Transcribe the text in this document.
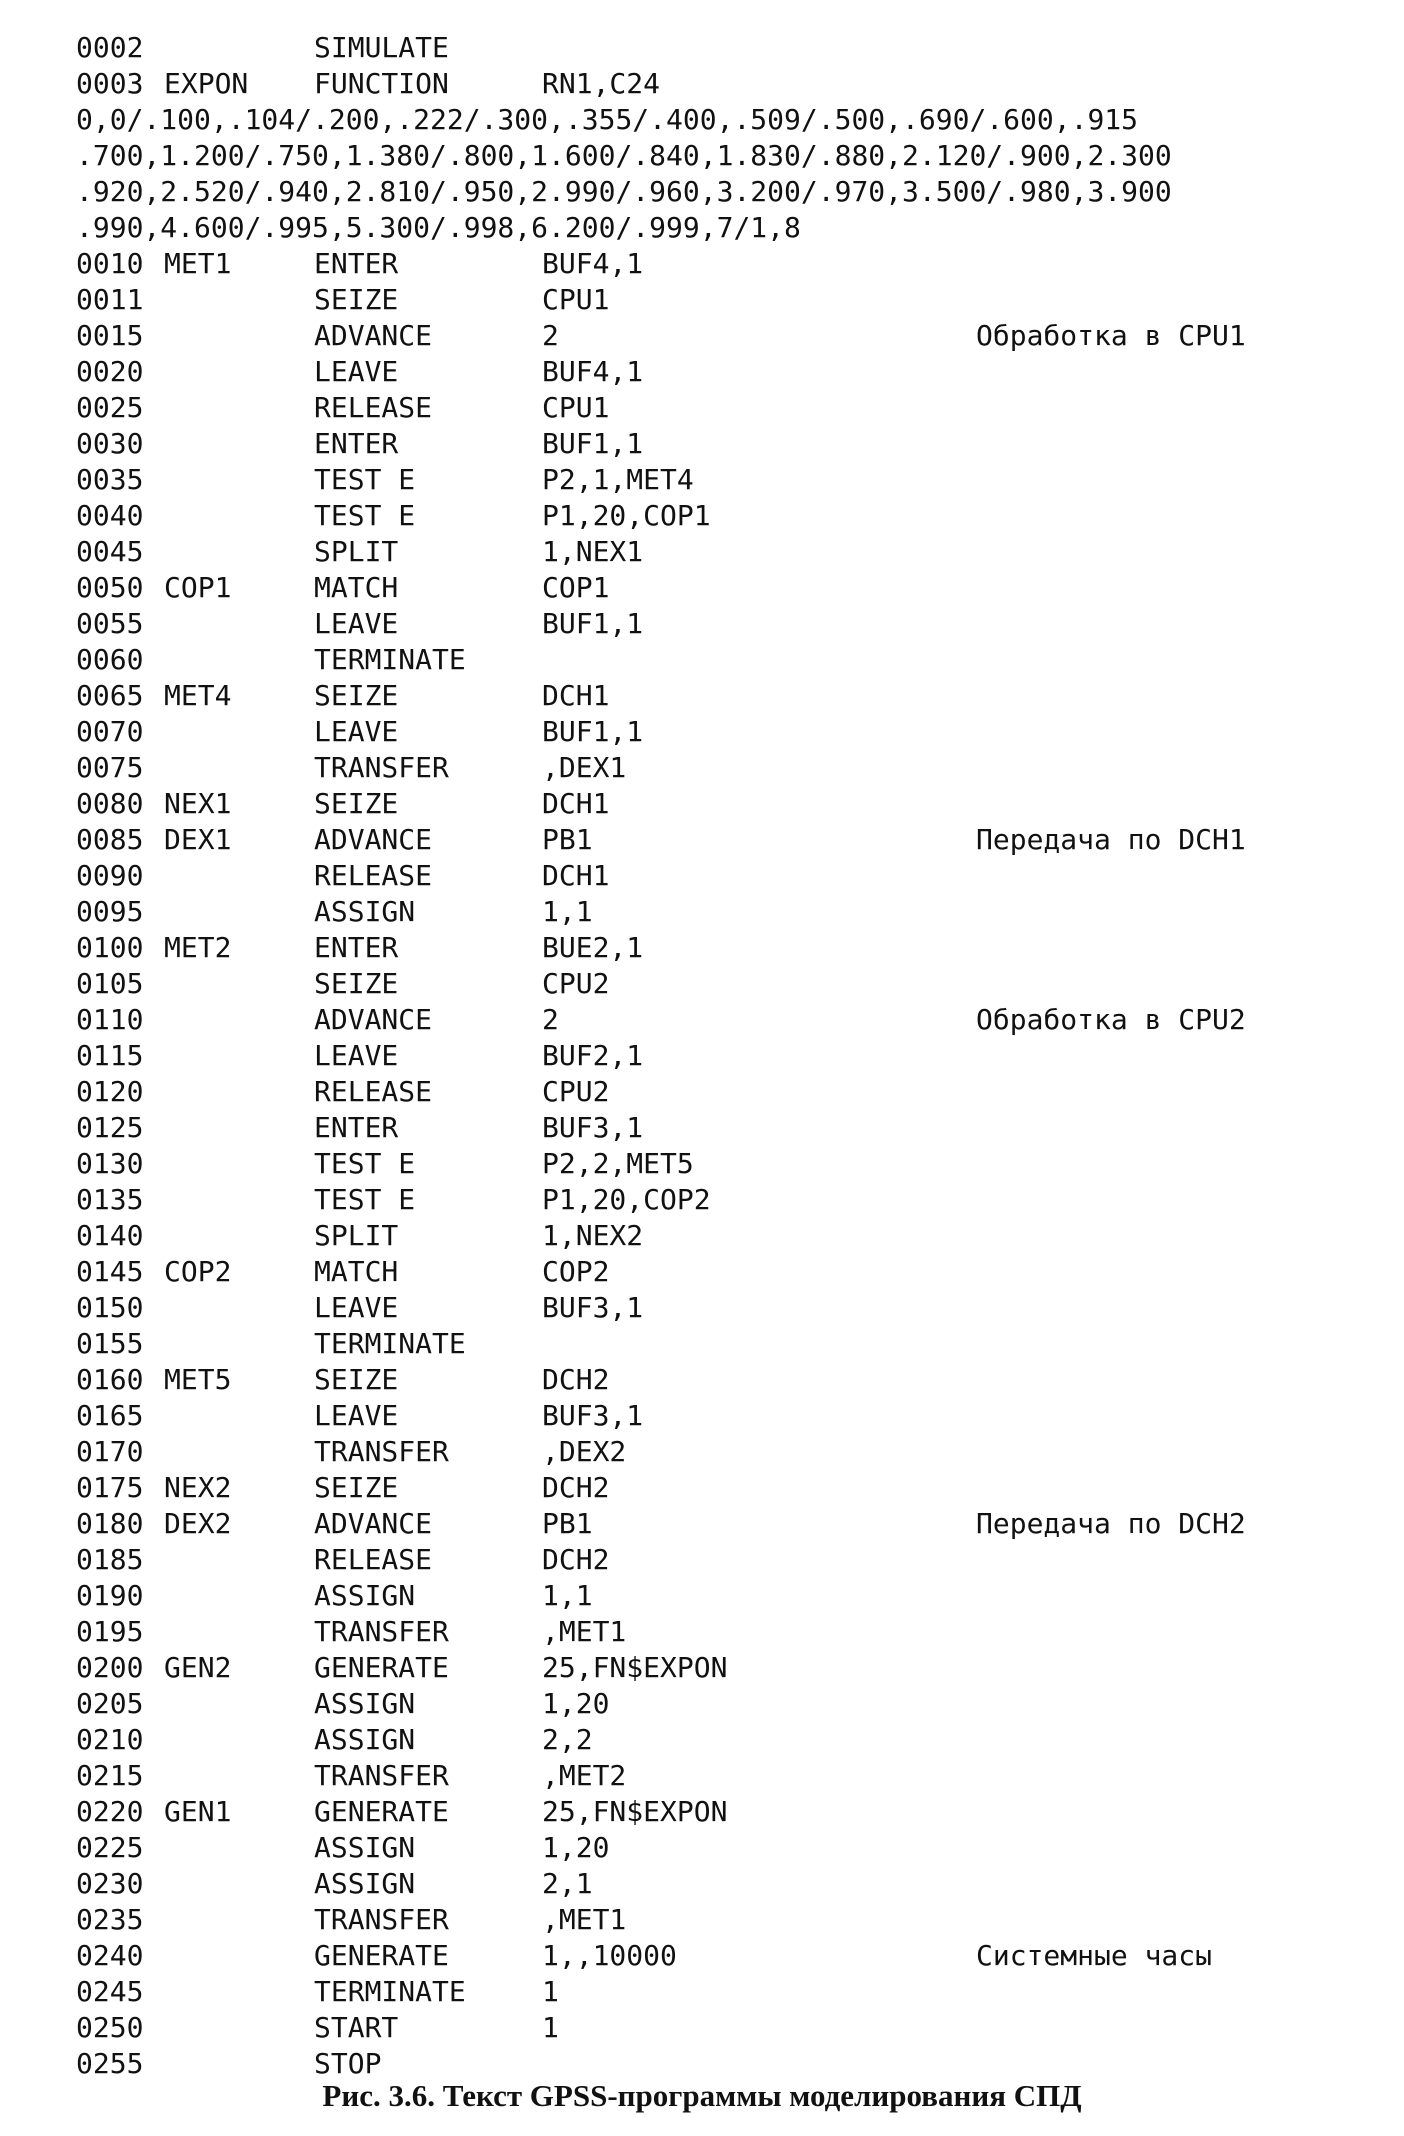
0002	SIMULATE
0003 EXPON FUNCTION	RN1,C24
0,0/.100,.104/.200,.222/.300,.355/.400,.509/.500,.690/.600,.915
.700,1.200/.750,1.380/.800,1.600/.840,1.830/.880,2.120/.900,2.300
.920,2.520/.940,2.810/.950,2.990/.960,3.200/.970,3.500/.980,3.900
.990,4.600/.995,5.300/.998,6.200/.999,7/1,8
0010 MET1	ENTER	BUF4,1
0011	SEIZE	CPU1
0015	ADVANCE	2	Обработка в CPU1
0020	LEAVE	BUF4,1
0025	RELEASE	CPU1
0030	ENTER	BUF1,1
0035	TEST E	P2,1,MET4
0040	TEST E	P1,20,COP1
0045	SPLIT	1,NEX1
0050 COP1	MATCH	COP1
0055	LEAVE	BUF1,1
0060	TERMINATE
0065 MET4	SEIZE	DCH1
0070	LEAVE	BUF1,1
0075	TRANSFER	,DEX1
0080 NEX1	SEIZE	DCH1
0085 DEX1	ADVANCE	PB1	Передача по DCH1
0090	RELEASE	DCH1
0095	ASSIGN	1,1
0100 MET2	ENTER	BUE2,1
0105	SEIZE	CPU2
0110	ADVANCE	2	Обработка в CPU2
0115	LEAVE	BUF2,1
0120	RELEASE	CPU2
0125	ENTER	BUF3,1
0130	TEST E	P2,2,MET5
0135	TEST E	P1,20,COP2
0140	SPLIT	1,NEX2
0145 COP2	MATCH	COP2
0150	LEAVE	BUF3,1
0155	TERMINATE
0160 MET5	SEIZE	DCH2
0165	LEAVE	BUF3,1
0170	TRANSFER	,DEX2
0175 NEX2	SEIZE	DCH2
0180 DEX2	ADVANCE	PB1	Передача по DCH2
0185	RELEASE	DCH2
0190	ASSIGN	1,1
0195	TRANSFER	,MET1
0200 GEN2	GENERATE	25,FN$EXPON
0205	ASSIGN	1,20
0210	ASSIGN	2,2
0215	TRANSFER	,MET2
0220 GEN1	GENERATE	25,FN$EXPON
0225	ASSIGN	1,20
0230	ASSIGN	2,1
0235	TRANSFER	,MET1
0240	GENERATE	1,,10000	Системные часы
0245	TERMINATE	1
0250	START	1
0255	STOP
Рис. 3.6. Текст GPSS-программы моделирования СПД
